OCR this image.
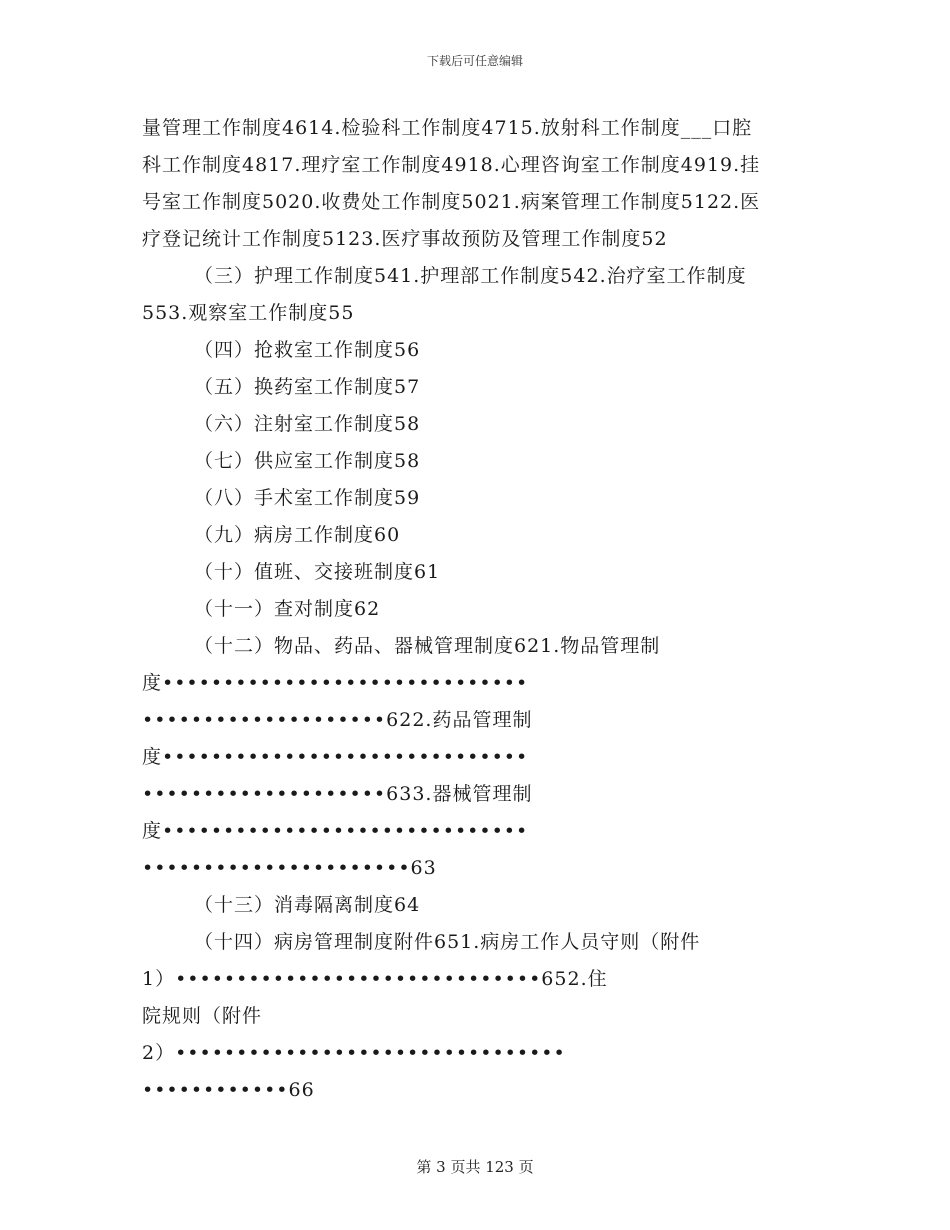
下载后可任意编辑
量管理工作制度4614.检验科工作制度4715.放射科工作制度___口腔
科工作制度4817.理疗室工作制度4918.心理咨询室工作制度4919.挂
号室工作制度5020.收费处工作制度5021.病案管理工作制度5122.医
疗登记统计工作制度5123.医疗事故预防及管理工作制度52
（三）护理工作制度541.护理部工作制度542.治疗室工作制度
553.观察室工作制度55
（四）抢救室工作制度56
（五）换药室工作制度57
（六）注射室工作制度58
（七）供应室工作制度58
（八）手术室工作制度59
（九）病房工作制度60
（十）值班、交接班制度61
（十一）查对制度62
（十二）物品、药品、器械管理制度621.物品管理制
度••••••••••••••••••••••••••••••
••••••••••••••••••••622.药品管理制
度••••••••••••••••••••••••••••••
••••••••••••••••••••633.器械管理制
度••••••••••••••••••••••••••••••
••••••••••••••••••••••63
（十三）消毒隔离制度64
（十四）病房管理制度附件651.病房工作人员守则（附件
1）••••••••••••••••••••••••••••••652.住
院规则（附件
2）••••••••••••••••••••••••••••••••
••••••••••••66
第 3 页共 123 页
